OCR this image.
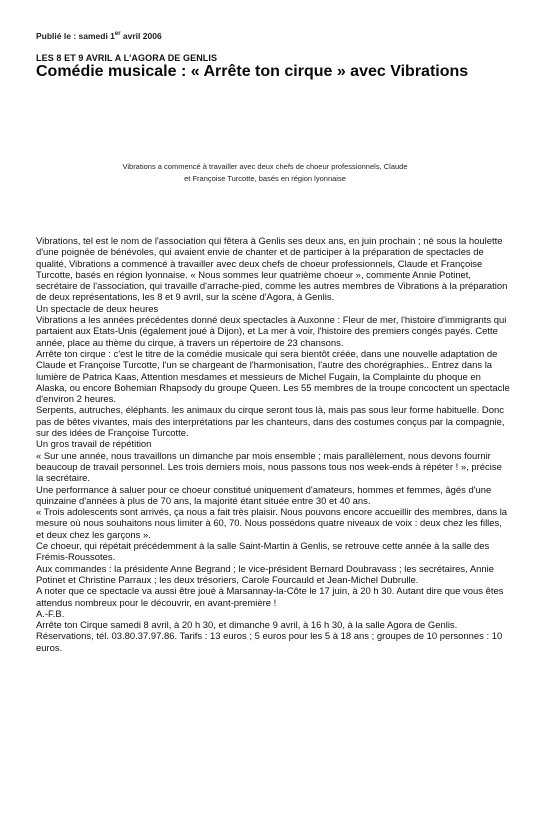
Publié le : samedi 1er avril 2006
LES 8 ET 9 AVRIL A L'AGORA DE GENLIS
Comédie musicale : « Arrête ton cirque » avec Vibrations

Vibrations a commencé à travailler avec deux chefs de choeur professionnels, Claude et Françoise Turcotte, basés en région lyonnaise

Vibrations, tel est le nom de l'association qui fêtera à Genlis ses deux ans, en juin prochain ; né sous la houlette d'une poignée de bénévoles, qui avaient envie de chanter et de participer à la préparation de spectacles de qualité, Vibrations a commencé à travailler avec deux chefs de choeur professionnels, Claude et Françoise Turcotte, basés en région lyonnaise. « Nous sommes leur quatrième choeur », commente Annie Potinet, secrétaire de l'association, qui travaille d'arrache-pied, comme les autres membres de Vibrations à la préparation de deux représentations, les 8 et 9 avril, sur la scène d'Agora, à Genlis.

Un spectacle de deux heures

Vibrations a les années précédentes donné deux spectacles à Auxonne : Fleur de mer, l'histoire d'immigrants qui partaient aux Etats-Unis (également joué à Dijon), et La mer à voir, l'histoire des premiers congés payés. Cette année, place au thème du cirque, à travers un répertoire de 23 chansons.

Arrête ton cirque : c'est le titre de la comédie musicale qui sera bientôt créée, dans une nouvelle adaptation de Claude et Françoise Turcotte, l'un se chargeant de l'harmonisation, l'autre des chorégraphies.. Entrez dans la lumière de Patrica Kaas, Attention mesdames et messieurs de Michel Fugain, la Complainte du phoque en Alaska, ou encore Bohemian Rhapsody du groupe Queen. Les 55 membres de la troupe concoctent un spectacle d'environ 2 heures.

Serpents, autruches, éléphants. les animaux du cirque seront tous là, mais pas sous leur forme habituelle. Donc pas de bêtes vivantes, mais des interprétations par les chanteurs, dans des costumes conçus par la compagnie, sur des idées de Françoise Turcotte.

Un gros travail de répétition

« Sur une année, nous travaillons un dimanche par mois ensemble ; mais parallèlement, nous devons fournir beaucoup de travail personnel. Les trois derniers mois, nous passons tous nos week-ends à répéter ! », précise la secrétaire.

Une performance à saluer pour ce choeur constitué uniquement d'amateurs, hommes et femmes, âgés d'une quinzaine d'années à plus de 70 ans, la majorité étant située entre 30 et 40 ans.

« Trois adolescents sont arrivés, ça nous a fait très plaisir. Nous pouvons encore accueillir des membres, dans la mesure où nous souhaitons nous limiter à 60, 70. Nous possédons quatre niveaux de voix : deux chez les filles, et deux chez les garçons ».

Ce choeur, qui répétait précédemment à la salle Saint-Martin à Genlis, se retrouve cette année à la salle des Frémis-Roussotes.

Aux commandes : la présidente Anne Begrand ; le vice-président Bernard Doubravass ; les secrétaires, Annie Potinet et Christine Parraux ; les deux trésoriers, Carole Fourcauld et Jean-Michel Dubrulle.

A noter que ce spectacle va aussi être joué à Marsannay-la-Côte le 17 juin, à 20 h 30. Autant dire que vous êtes attendus nombreux pour le découvrir, en avant-première !

A.-F.B.

Arrête ton Cirque samedi 8 avril, à 20 h 30, et dimanche 9 avril, à 16 h 30, à la salle Agora de Genlis. Réservations, tél. 03.80.37.97.86. Tarifs : 13 euros ; 5 euros pour les 5 à 18 ans ; groupes de 10 personnes : 10 euros.
